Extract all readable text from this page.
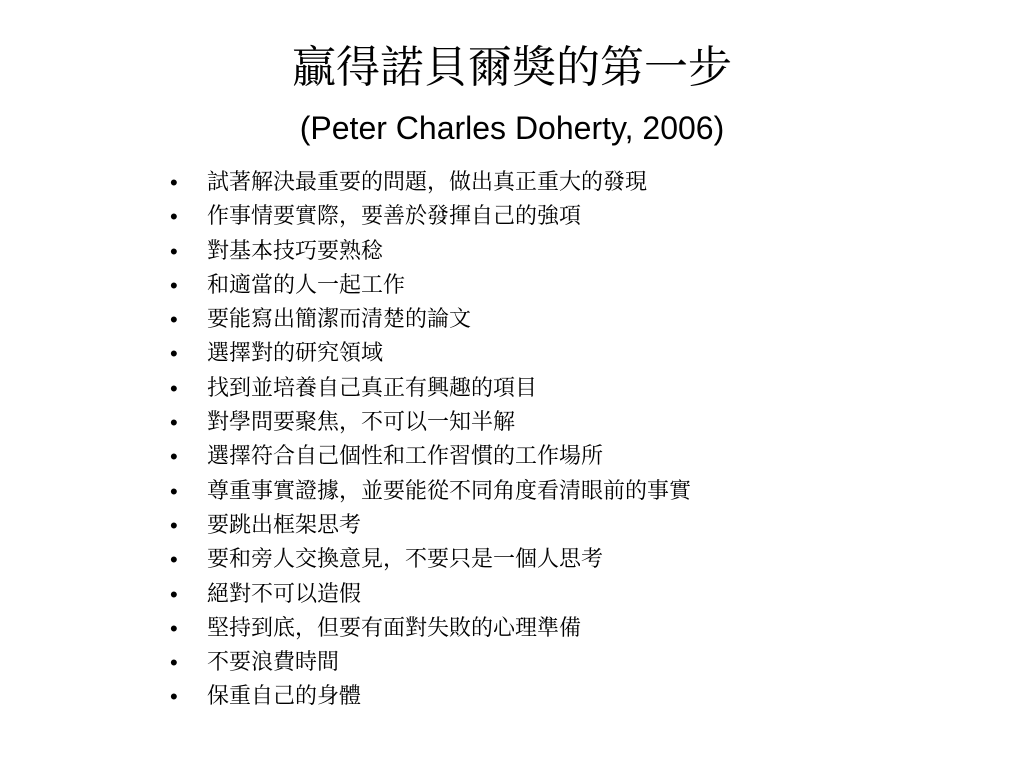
贏得諾貝爾獎的第一步
(Peter Charles Doherty, 2006)
• 試著解決最重要的問題，做出真正重大的發現
• 作事情要實際，要善於發揮自己的強項
• 對基本技巧要熟稔
• 和適當的人一起工作
• 要能寫出簡潔而清楚的論文
• 選擇對的研究領域
• 找到並培養自己真正有興趣的項目
• 對學問要聚焦，不可以一知半解
• 選擇符合自己個性和工作習慣的工作場所
• 尊重事實證據，並要能從不同角度看清眼前的事實
• 要跳出框架思考
• 要和旁人交換意見，不要只是一個人思考
• 絕對不可以造假
• 堅持到底，但要有面對失敗的心理準備
• 不要浪費時間
• 保重自己的身體
